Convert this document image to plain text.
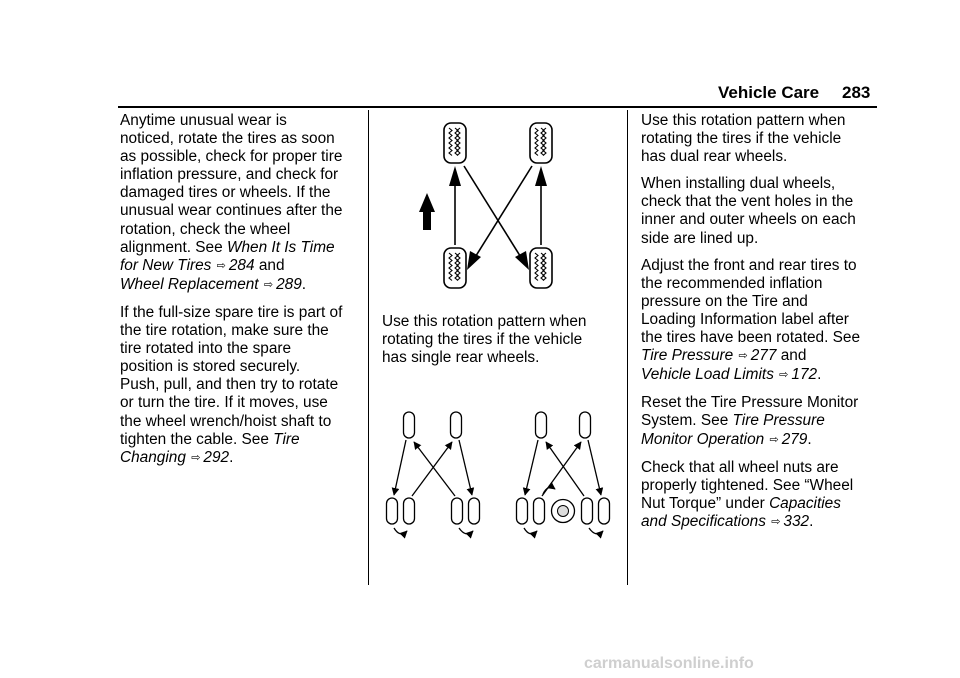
Vehicle Care 283

Anytime unusual wear is
noticed, rotate the tires as soon
as possible, check for proper tire
inflation pressure, and check for
damaged tires or wheels. If the
unusual wear continues after the
rotation, check the wheel
alignment. See When It Is Time
for New Tires ⇨ 284 and
Wheel Replacement ⇨ 289.

If the full-size spare tire is part of
the tire rotation, make sure the
tire rotated into the spare
position is stored securely.
Push, pull, and then try to rotate
or turn the tire. If it moves, use
the wheel wrench/hoist shaft to
tighten the cable. See Tire
Changing ⇨ 292.

Use this rotation pattern when
rotating the tires if the vehicle
has single rear wheels.

Use this rotation pattern when
rotating the tires if the vehicle
has dual rear wheels.

When installing dual wheels,
check that the vent holes in the
inner and outer wheels on each
side are lined up.

Adjust the front and rear tires to
the recommended inflation
pressure on the Tire and
Loading Information label after
the tires have been rotated. See
Tire Pressure ⇨ 277 and
Vehicle Load Limits ⇨ 172.

Reset the Tire Pressure Monitor
System. See Tire Pressure
Monitor Operation ⇨ 279.

Check that all wheel nuts are
properly tightened. See “Wheel
Nut Torque” under Capacities
and Specifications ⇨ 332.

carmanualsonline.info
